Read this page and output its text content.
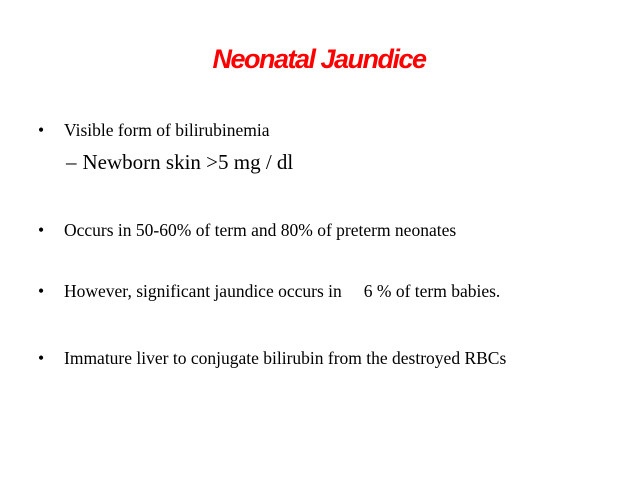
Neonatal Jaundice
• Visible form of bilirubinemia
– Newborn skin >5 mg / dl
• Occurs in 50-60% of term and 80% of preterm neonates
• However, significant jaundice occurs in 6 % of term babies.
• Immature liver to conjugate bilirubin from the destroyed RBCs
